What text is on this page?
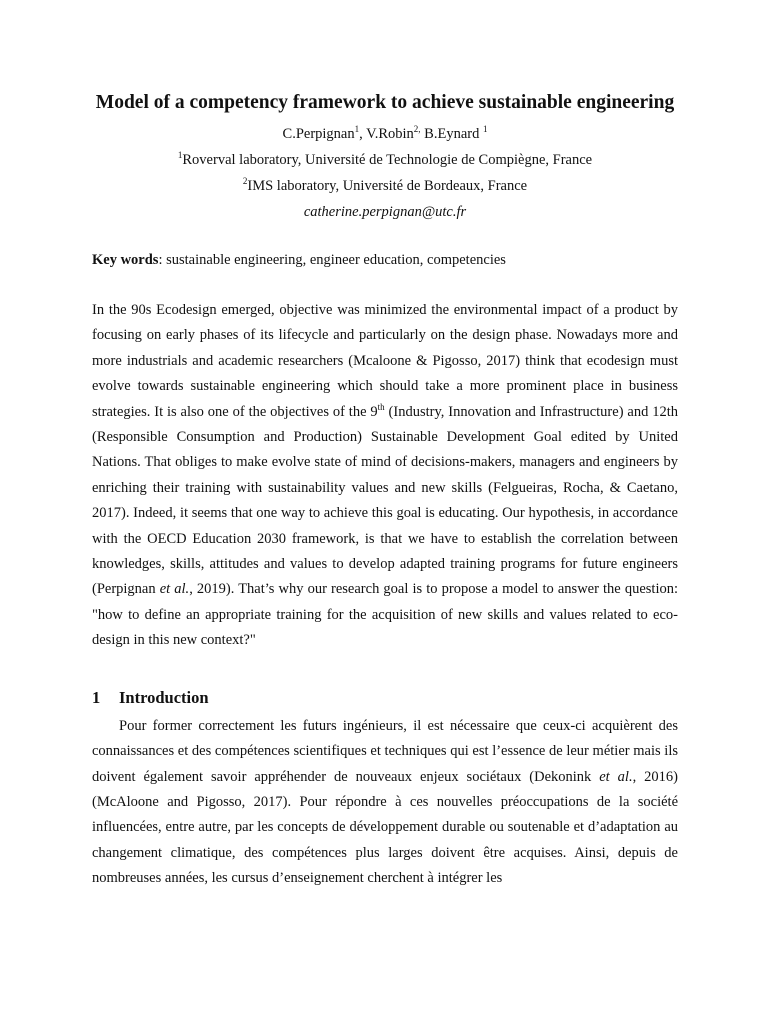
Model of a competency framework to achieve sustainable engineering

C.Perpignan$^1$, V.Robin$^{2,}$ B.Eynard $^1$

$^1$Roverval laboratory, Université de Technologie de Compiègne, France

$^2$IMS laboratory, Université de Bordeaux, France

catherine.perpignan@utc.fr

Key words: sustainable engineering, engineer education, competencies

In the 90s Ecodesign emerged, objective was minimized the environmental impact of a product by focusing on early phases of its lifecycle and particularly on the design phase. Nowadays more and more industrials and academic researchers (Mcaloone & Pigosso, 2017) think that ecodesign must evolve towards sustainable engineering which should take a more prominent place in business strategies. It is also one of the objectives of the 9th (Industry, Innovation and Infrastructure) and 12th (Responsible Consumption and Production) Sustainable Development Goal edited by United Nations. That obliges to make evolve state of mind of decisions-makers, managers and engineers by enriching their training with sustainability values and new skills (Felgueiras, Rocha, & Caetano, 2017). Indeed, it seems that one way to achieve this goal is educating. Our hypothesis, in accordance with the OECD Education 2030 framework, is that we have to establish the correlation between knowledges, skills, attitudes and values to develop adapted training programs for future engineers (Perpignan et al., 2019). That’s why our research goal is to propose a model to answer the question: "how to define an appropriate training for the acquisition of new skills and values related to eco-design in this new context?"

1 Introduction

Pour former correctement les futurs ingénieurs, il est nécessaire que ceux-ci acquièrent des connaissances et des compétences scientifiques et techniques qui est l’essence de leur métier mais ils doivent également savoir appréhender de nouveaux enjeux sociétaux (Dekonink et al., 2016) (McAloone and Pigosso, 2017). Pour répondre à ces nouvelles préoccupations de la société influencées, entre autre, par les concepts de développement durable ou soutenable et d’adaptation au changement climatique, des compétences plus larges doivent être acquises. Ainsi, depuis de nombreuses années, les cursus d’enseignement cherchent à intégrer les
